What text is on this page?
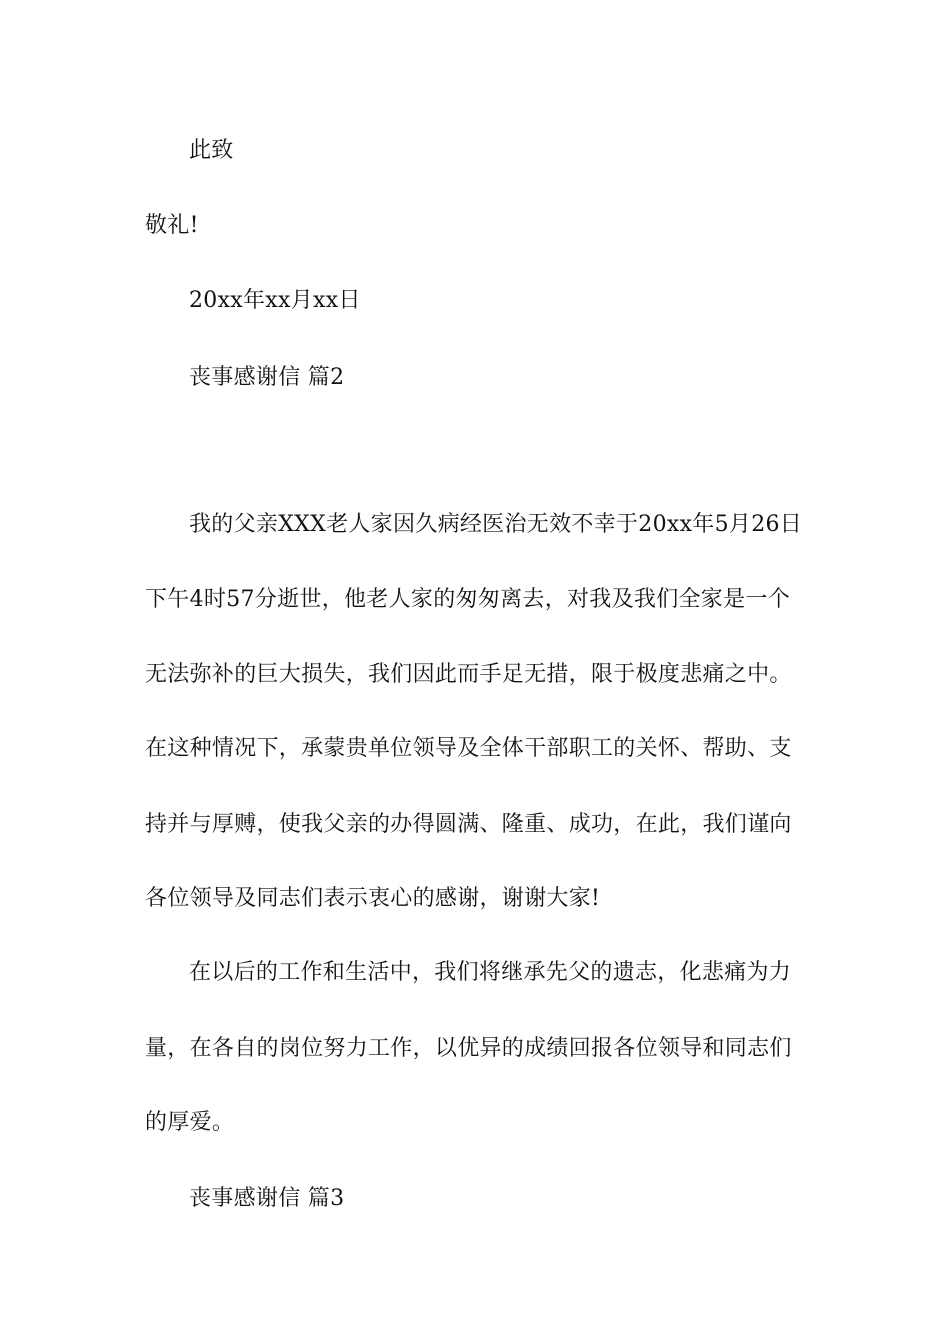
此致
敬礼!
20xx年xx月xx日
丧事感谢信 篇2
我的父亲XXX老人家因久病经医治无效不幸于20xx年5月26日
下午4时57分逝世，他老人家的匆匆离去，对我及我们全家是一个
无法弥补的巨大损失，我们因此而手足无措，限于极度悲痛之中。
在这种情况下，承蒙贵单位领导及全体干部职工的关怀、帮助、支
持并与厚赙，使我父亲的办得圆满、隆重、成功，在此，我们谨向
各位领导及同志们表示衷心的感谢，谢谢大家!
在以后的工作和生活中，我们将继承先父的遗志，化悲痛为力
量，在各自的岗位努力工作，以优异的成绩回报各位领导和同志们
的厚爱。
丧事感谢信 篇3
